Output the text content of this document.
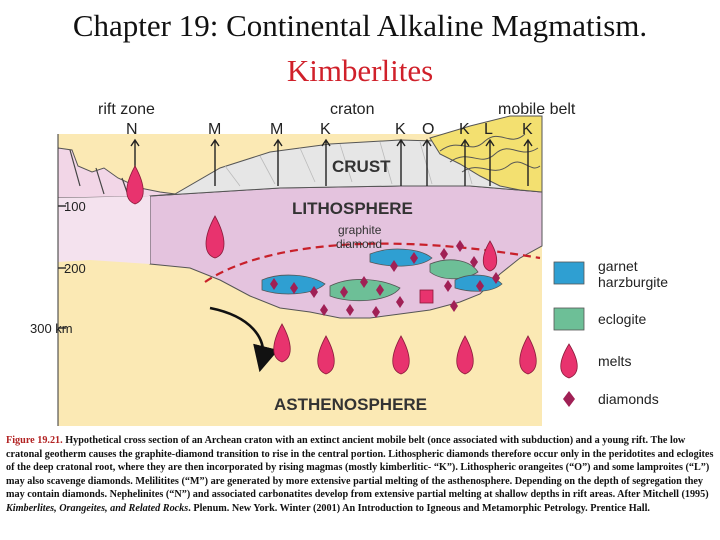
Chapter 19: Continental Alkaline Magmatism.
Kimberlites
100
200
300 km
CRUST
LITHOSPHERE
graphite
diamond
ASTHENOSPHERE
rift zone	craton	mobile belt
N	M	M K	K O K L K
garnet
harzburgite
eclogite
melts
diamonds
Figure 19.21. Hypothetical cross section of an Archean craton with an extinct ancient mobile belt (once associated with subduction) and a young rift. The low cratonal geotherm causes the graphite-diamond transition to rise in the central portion. Lithospheric diamonds therefore occur only in the peridotites and eclogites of the deep cratonal root, where they are then incorporated by rising magmas (mostly kimberlitic- “K”). Lithospheric orangeites (“O”) and some lamproites (“L”) may also scavenge diamonds. Melilitites (“M”) are generated by more extensive partial melting of the asthenosphere. Depending on the depth of segregation they may contain diamonds. Nephelinites (“N”) and associated carbonatites develop from extensive partial melting at shallow depths in rift areas. After Mitchell (1995) Kimberlites, Orangeites, and Related Rocks. Plenum. New York. Winter (2001) An Introduction to Igneous and Metamorphic Petrology. Prentice Hall.
